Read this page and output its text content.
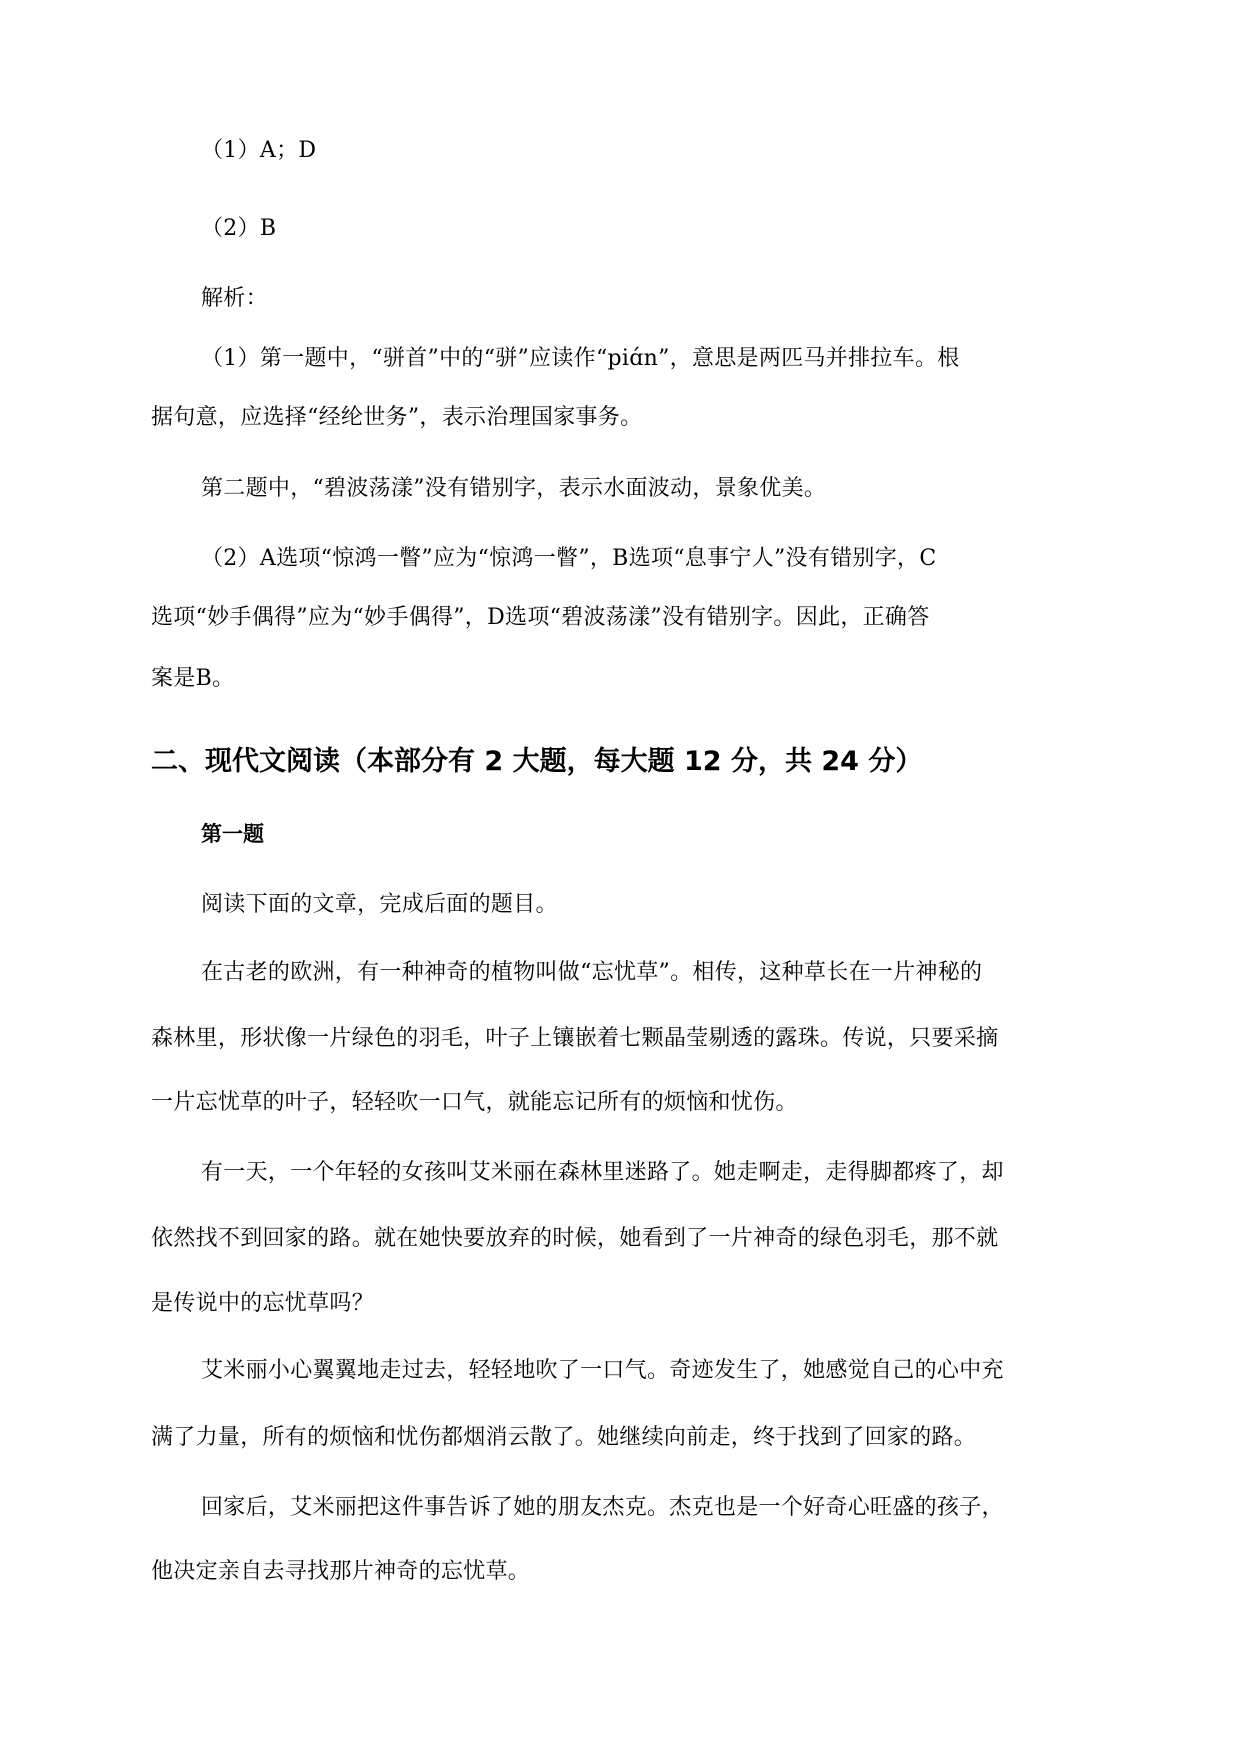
（1）A；D
（2）B
解析：
（1）第一题中，“骈首”中的“骈”应读作“piɑ́n”，意思是两匹马并排拉车。根
据句意，应选择“经纶世务”，表示治理国家事务。
第二题中，“碧波荡漾”没有错别字，表示水面波动，景象优美。
（2）A选项“惊鸿一瞥”应为“惊鸿一瞥”，B选项“息事宁人”没有错别字，C
选项“妙手偶得”应为“妙手偶得”，D选项“碧波荡漾”没有错别字。因此，正确答
案是B。
二、现代文阅读（本部分有 2 大题，每大题 12 分，共 24 分）
第一题
阅读下面的文章，完成后面的题目。
在古老的欧洲，有一种神奇的植物叫做“忘忧草”。相传，这种草长在一片神秘的
森林里，形状像一片绿色的羽毛，叶子上镶嵌着七颗晶莹剔透的露珠。传说，只要采摘
一片忘忧草的叶子，轻轻吹一口气，就能忘记所有的烦恼和忧伤。
有一天，一个年轻的女孩叫艾米丽在森林里迷路了。她走啊走，走得脚都疼了，却
依然找不到回家的路。就在她快要放弃的时候，她看到了一片神奇的绿色羽毛，那不就
是传说中的忘忧草吗？
艾米丽小心翼翼地走过去，轻轻地吹了一口气。奇迹发生了，她感觉自己的心中充
满了力量，所有的烦恼和忧伤都烟消云散了。她继续向前走，终于找到了回家的路。
回家后，艾米丽把这件事告诉了她的朋友杰克。杰克也是一个好奇心旺盛的孩子，
他决定亲自去寻找那片神奇的忘忧草。
